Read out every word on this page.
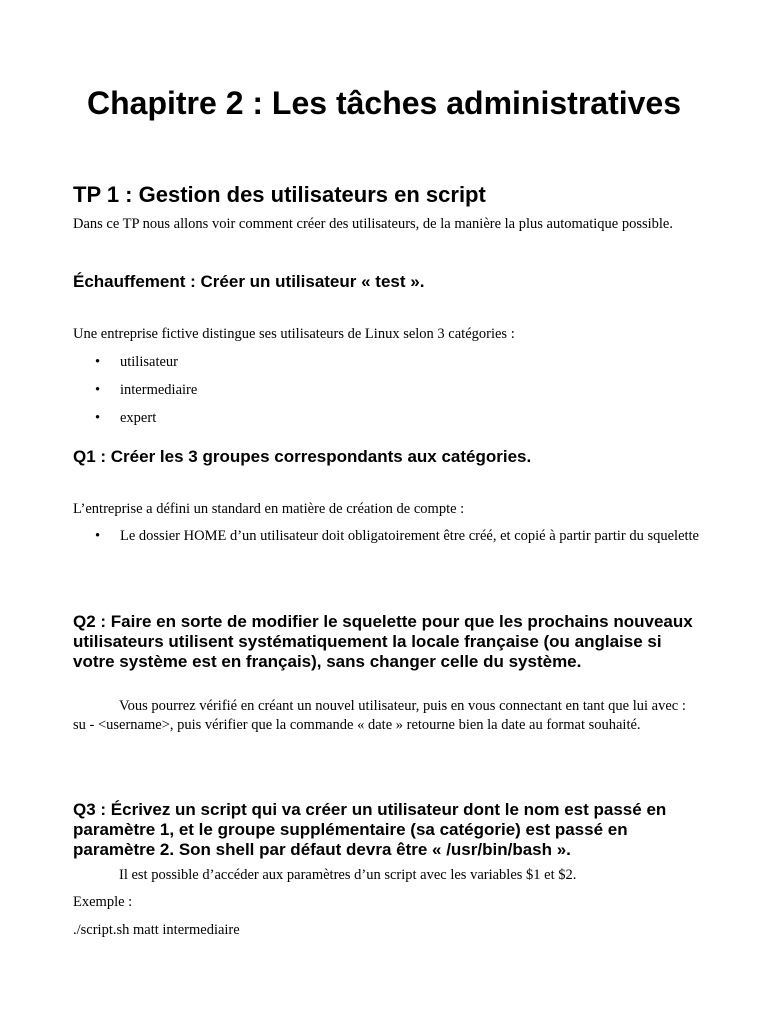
Chapitre 2 : Les tâches administratives
TP 1 : Gestion des utilisateurs en script

Dans ce TP nous allons voir comment créer des utilisateurs, de la manière la plus automatique possible.

Échauffement : Créer un utilisateur « test ».

Une entreprise fictive distingue ses utilisateurs de Linux selon 3 catégories :

• utilisateur
• intermediaire
• expert
Q1 : Créer les 3 groupes correspondants aux catégories.

L’entreprise a défini un standard en matière de création de compte :

• Le dossier HOME d’un utilisateur doit obligatoirement être créé, et copié à partir partir du squelette
Q2 : Faire en sorte de modifier le squelette pour que les prochains nouveaux utilisateurs utilisent systématiquement la locale française (ou anglaise si votre système est en français), sans changer celle du système.

Vous pourrez vérifié en créant un nouvel utilisateur, puis en vous connectant en tant que lui avec : su - <username>, puis vérifier que la commande « date » retourne bien la date au format souhaité.

Q3 : Écrivez un script qui va créer un utilisateur dont le nom est passé en paramètre 1, et le groupe supplémentaire (sa catégorie) est passé en paramètre 2. Son shell par défaut devra être « /usr/bin/bash ».

Il est possible d’accéder aux paramètres d’un script avec les variables $1 et $2.

Exemple :

./script.sh matt intermediaire
